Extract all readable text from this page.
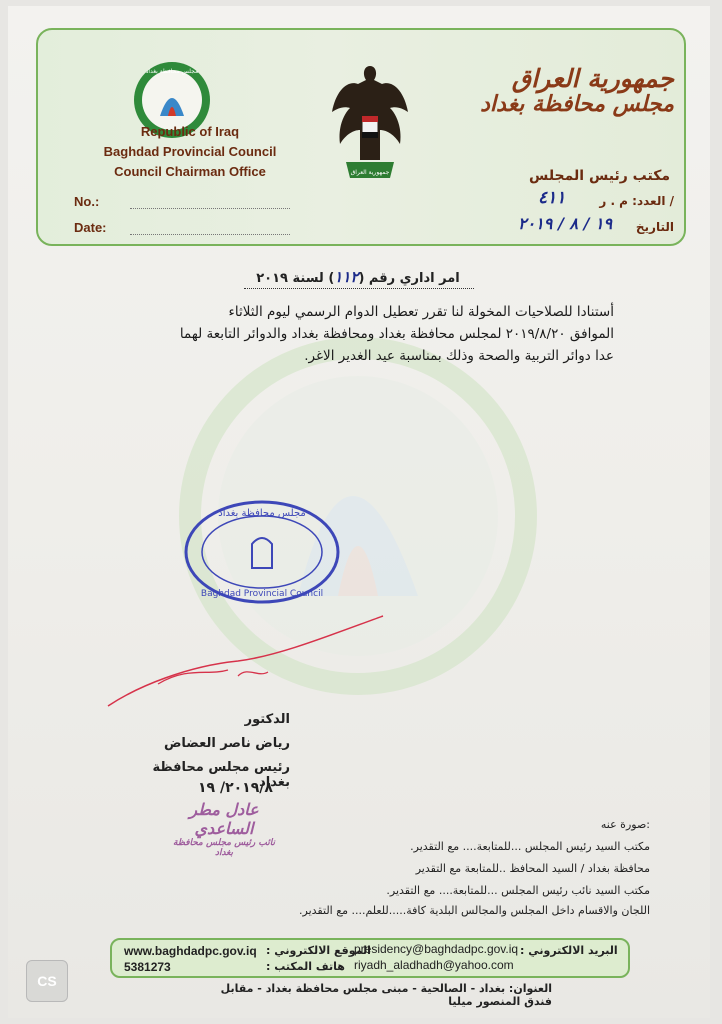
مجلس محافظة بغداد
Republic of Iraq
Baghdad Provincial Council
Council Chairman Office
No.:
Date:
جمهورية العراق
جمهورية العراق
مجلس محافظة بغداد
مكتب رئيس المجلس
العدد: م . ر /
التاريخ
٤١١
١٩ / ٨ / ٢٠١٩
امر اداري رقم (١١٢) لسنة ٢٠١٩
أستنادا للصلاحيات المخولة لنا تقرر تعطيل الدوام الرسمي ليوم الثلاثاء
الموافق ٢٠١٩/٨/٢٠ لمجلس محافظة بغداد ومحافظة بغداد والدوائر التابعة لهما
عدا دوائر التربية والصحة وذلك بمناسبة عيد الغدير الاغر.
مجلس محافظة بغداد
Baghdad Provincial Council
الدكتور
رياض ناصر العضاض
رئيس مجلس محافظة بغداد
٢٠١٩/٨/ ١٩
عادل مطر الساعدي
نائب رئيس مجلس محافظة بغداد
صورة عنه:
مكتب السيد رئيس المجلس ...للمتابعة.... مع التقدير.
محافظة بغداد / السيد المحافظ ..للمتابعة مع التقدير
مكتب السيد نائب رئيس المجلس ...للمتابعة.... مع التقدير.
اللجان والاقسام داخل المجلس والمجالس البلدية كافة.....للعلم.... مع التقدير.
www.baghdadpc.gov.iq : الموقع الالكتروني
presidency@baghdadpc.gov.iq : البريد الالكتروني
5381273	: هاتف المكتب riyadh_aladhadh@yahoo.com
العنوان: بغداد - الصالحية - مبنى مجلس محافظة بغداد - مقابل فندق المنصور ميليا
CS
